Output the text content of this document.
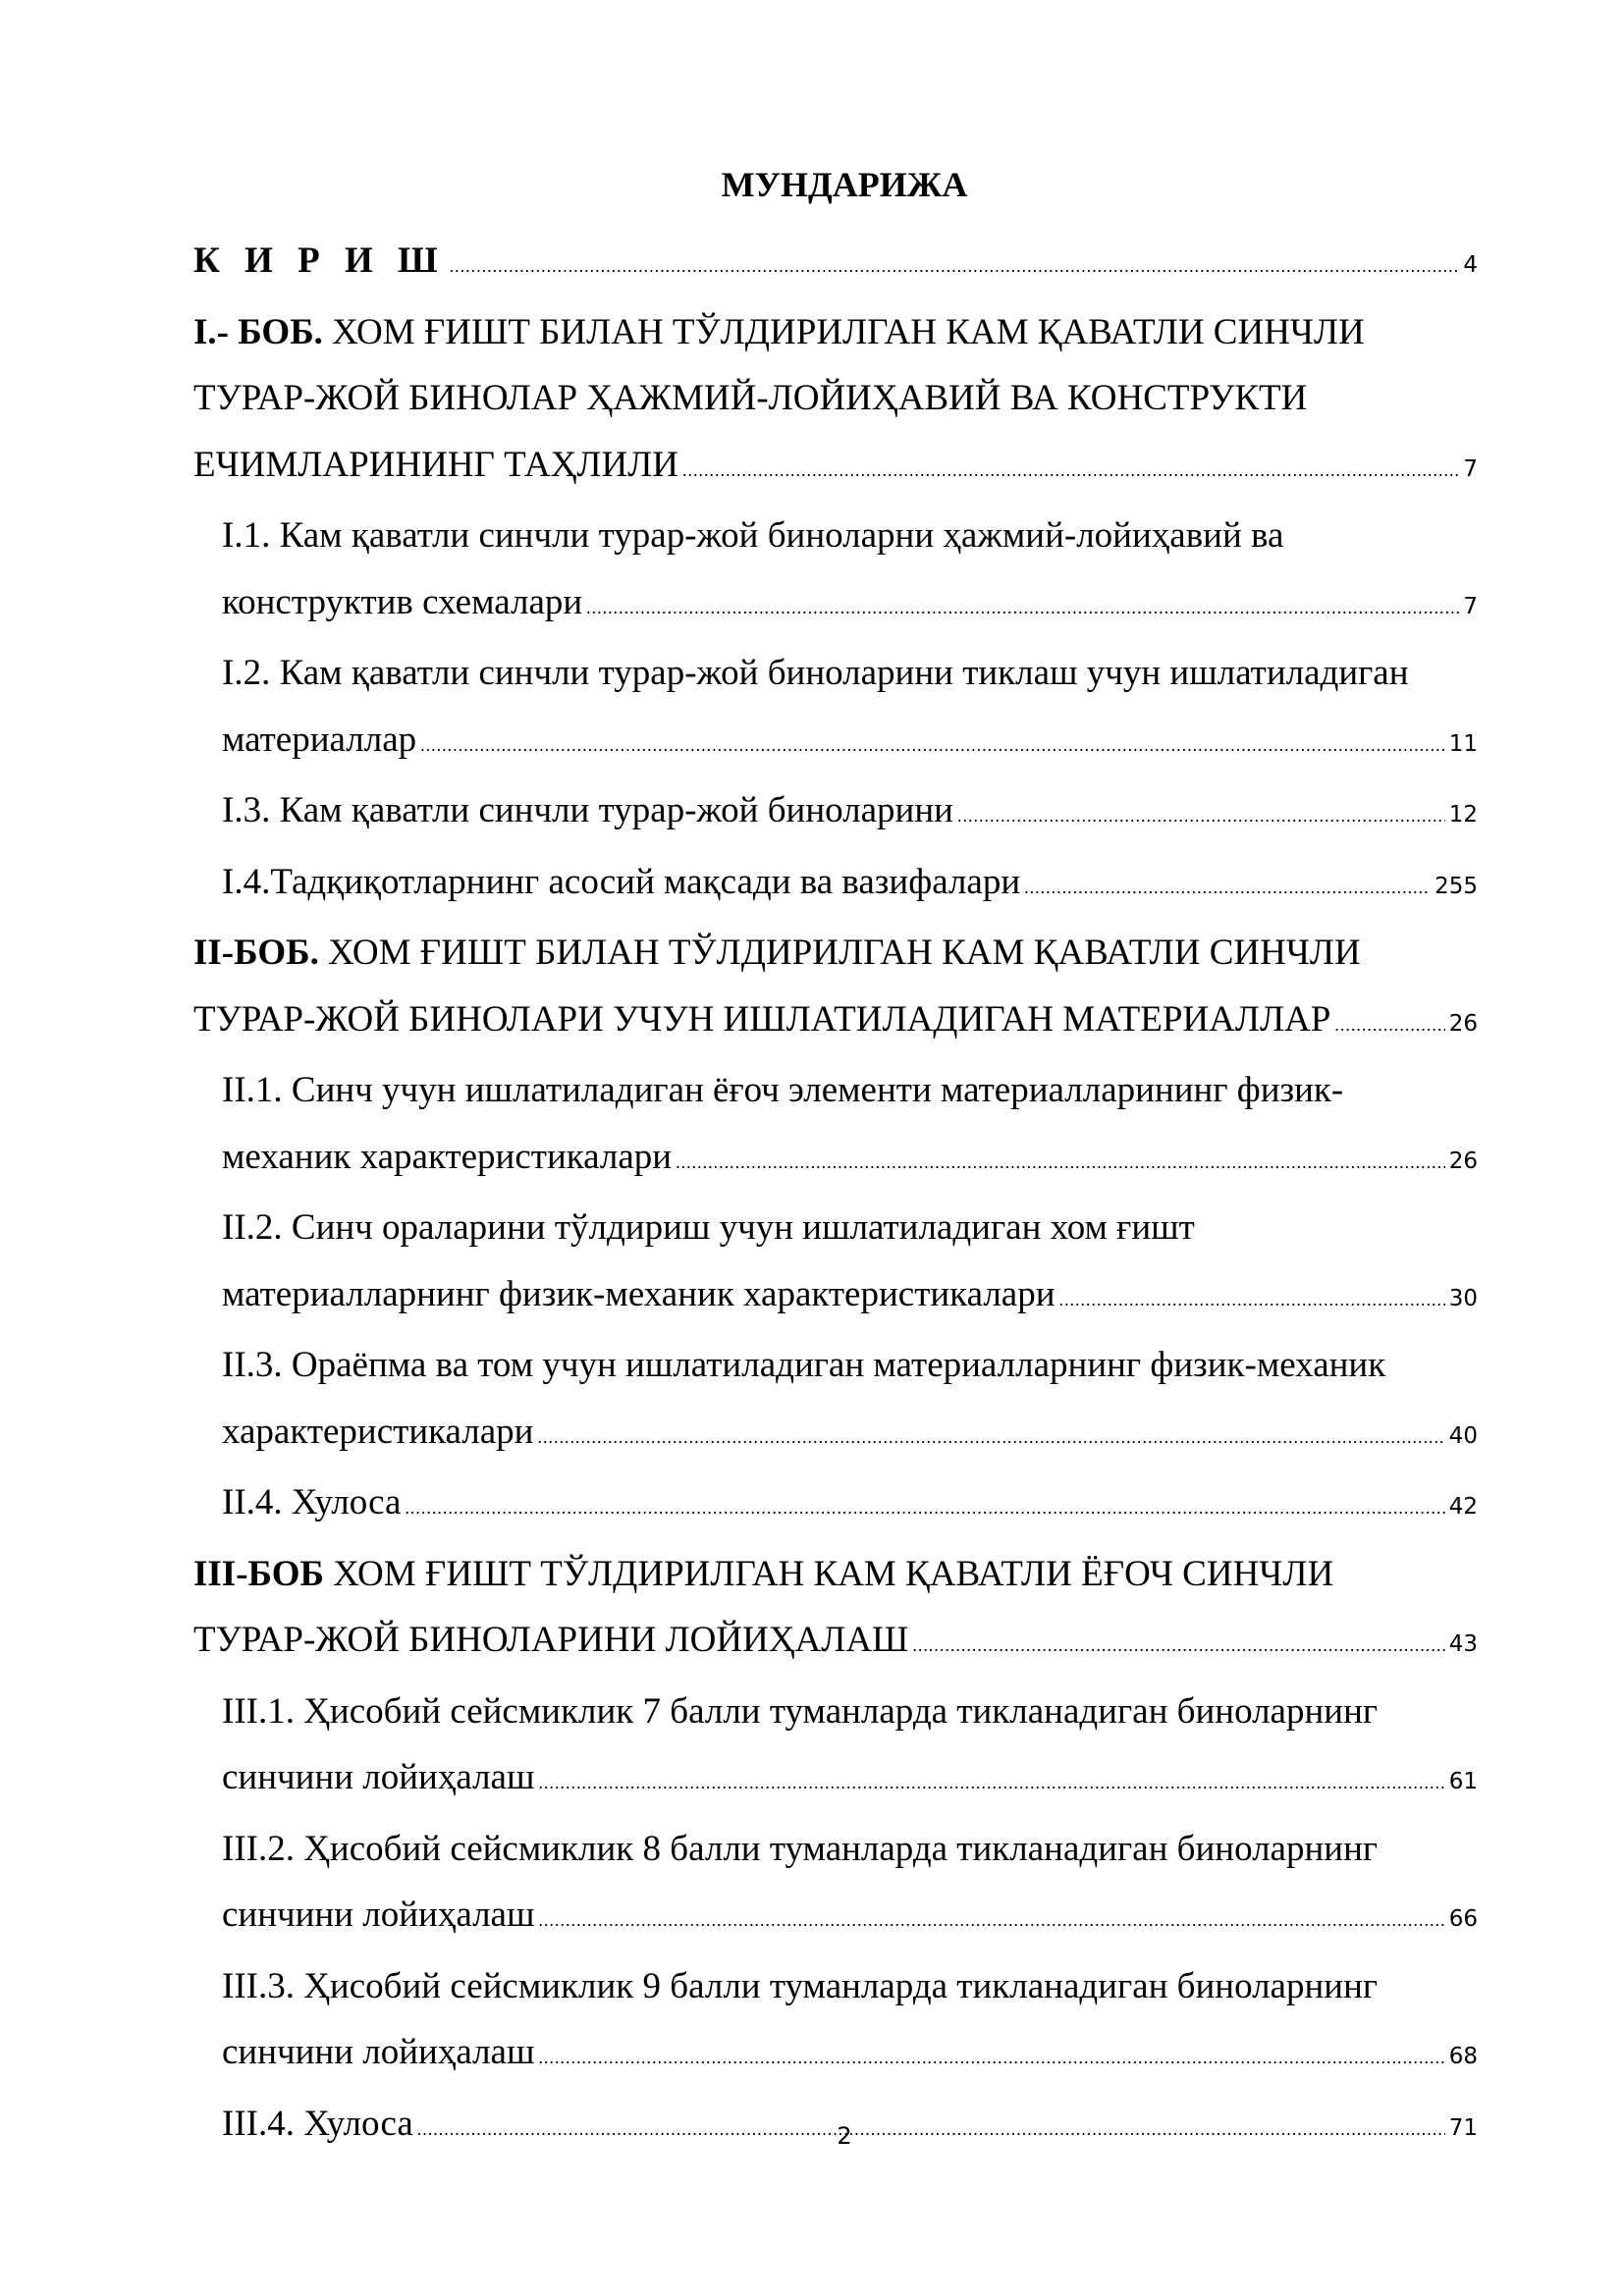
МУНДАРИЖА
К И Р И Ш .....	4
I.- БОБ. ХОМ ҒИШТ БИЛАН ТЎЛДИРИЛГАН КАМ ҚАВАТЛИ СИНЧЛИ
ТУРАР-ЖОЙ БИНОЛАР ҲАЖМИЙ-ЛОЙИҲАВИЙ ВА КОНСТРУКТИ
ЕЧИМЛАРИНИНГ ТАҲЛИЛИ .....	7
I.1. Кам қаватли синчли турар-жой биноларни ҳажмий-лойиҳавий ва
конструктив схемалари .....	7
I.2. Кам қаватли синчли турар-жой биноларини тиклаш учун ишлатиладиган
материаллар .....	11
I.3. Кам қаватли синчли турар-жой биноларини .....	12
I.4.Тадқиқотларнинг асосий мақсади ва вазифалари .....	255
II-БОБ. ХОМ ҒИШТ БИЛАН ТЎЛДИРИЛГАН КАМ ҚАВАТЛИ СИНЧЛИ
ТУРАР-ЖОЙ БИНОЛАРИ УЧУН ИШЛАТИЛАДИГАН МАТЕРИАЛЛАР .....	26
II.1. Синч учун ишлатиладиган ёғоч элементи материалларининг физик-
механик характеристикалари .....	26
II.2. Синч ораларини тўлдириш учун ишлатиладиган хом ғишт
материалларнинг физик-механик характеристикалари .....	30
II.3. Ораёпма ва том учун ишлатиладиган материалларнинг физик-механик
характеристикалари .....	40
II.4. Хулоса .....	42
III-БОБ ХОМ ҒИШТ ТЎЛДИРИЛГАН КАМ ҚАВАТЛИ ЁҒОЧ СИНЧЛИ
ТУРАР-ЖОЙ БИНОЛАРИНИ ЛОЙИҲАЛАШ .....	43
III.1. Ҳисобий сейсмиклик 7 балли туманларда тикланадиган биноларнинг
синчини лойиҳалаш .....	61
III.2. Ҳисобий сейсмиклик 8 балли туманларда тикланадиган биноларнинг
синчини лойиҳалаш .....	66
III.3. Ҳисобий сейсмиклик 9 балли туманларда тикланадиган биноларнинг
синчини лойиҳалаш .....	68
III.4. Хулоса .....	71
2
